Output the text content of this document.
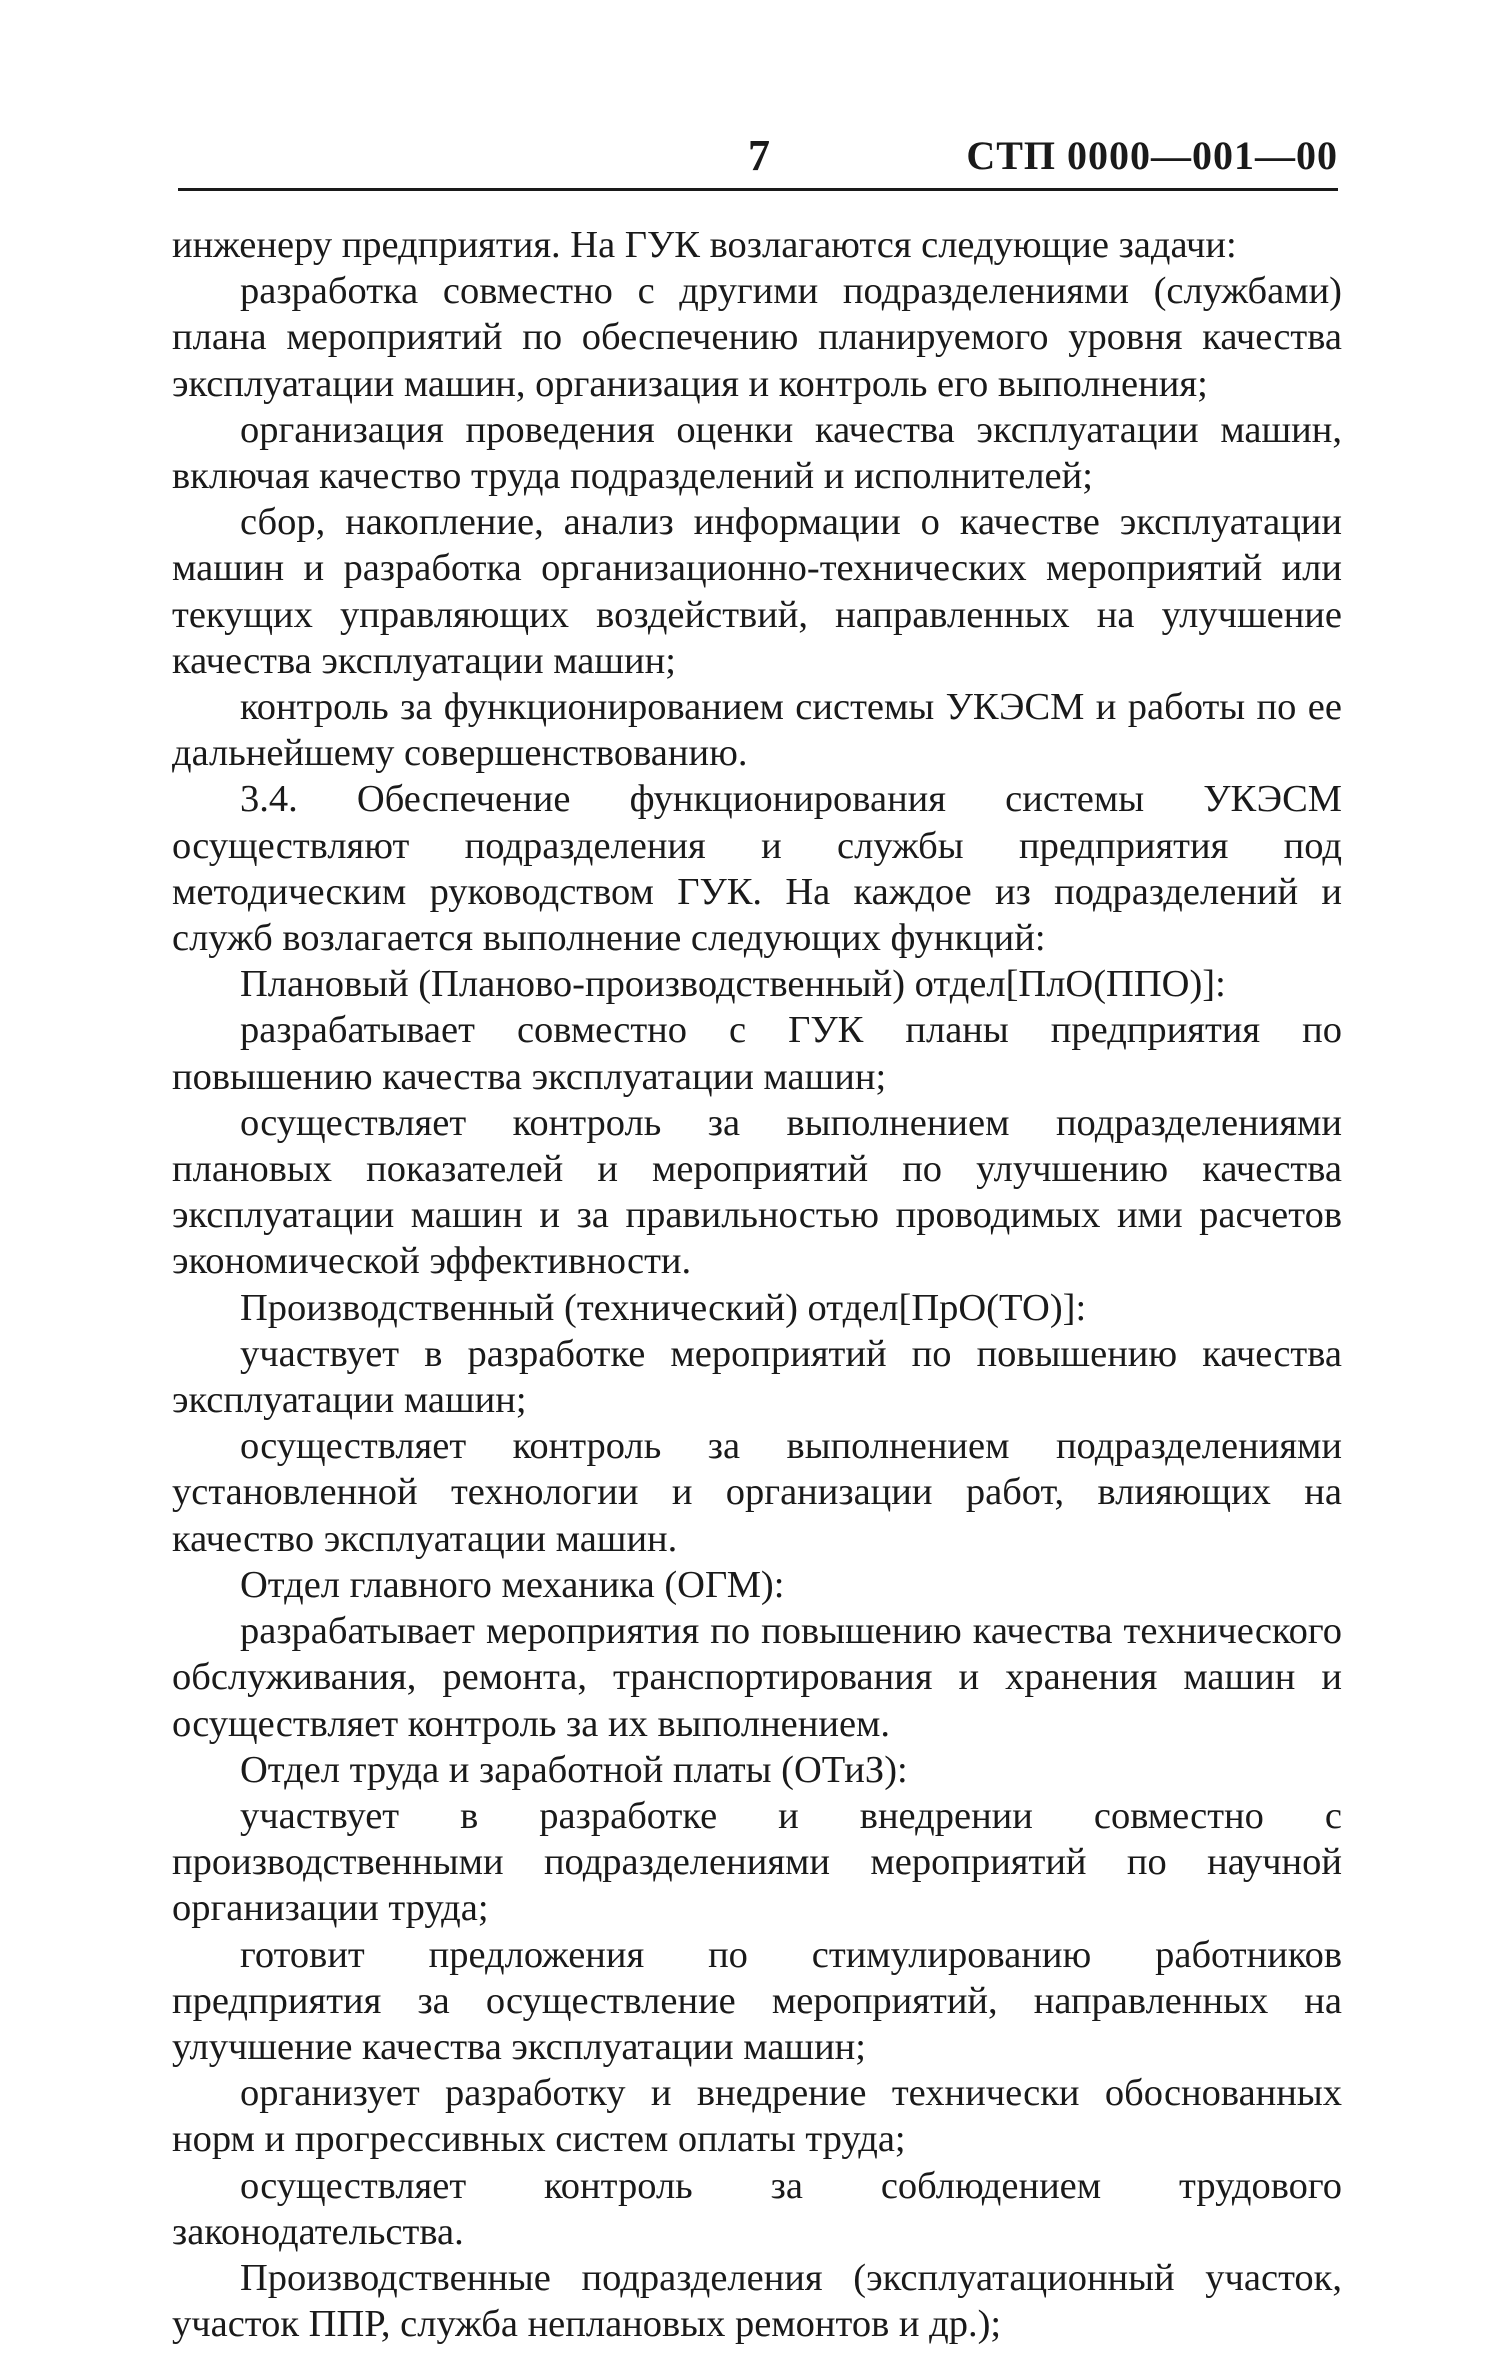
7	СТП 0000—001—00

инженеру предприятия. На ГУК возлагаются следующие задачи:

разработка совместно с другими подразделениями (службами) плана мероприятий по обеспечению планируемого уровня качества эксплуатации машин, организация и контроль его выполнения;

организация проведения оценки качества эксплуатации машин, включая качество труда подразделений и исполнителей;

сбор, накопление, анализ информации о качестве эксплуатации машин и разработка организационно-технических мероприятий или текущих управляющих воздействий, направленных на улучшение качества эксплуатации машин;

контроль за функционированием системы УКЭСМ и работы по ее дальнейшему совершенствованию.

3.4. Обеспечение функционирования системы УКЭСМ осуществляют подразделения и службы предприятия под методическим руководством ГУК. На каждое из подразделений и служб возлагается выполнение следующих функций:

Плановый (Планово-производственный) отдел[ПлО(ППО)]:

разрабатывает совместно с ГУК планы предприятия по повышению качества эксплуатации машин;

осуществляет контроль за выполнением подразделениями плановых показателей и мероприятий по улучшению качества эксплуатации машин и за правильностью проводимых ими расчетов экономической эффективности.

Производственный (технический) отдел[ПрО(ТО)]:

участвует в разработке мероприятий по повышению качества эксплуатации машин;

осуществляет контроль за выполнением подразделениями установленной технологии и организации работ, влияющих на качество эксплуатации машин.

Отдел главного механика (ОГМ):

разрабатывает мероприятия по повышению качества технического обслуживания, ремонта, транспортирования и хранения машин и осуществляет контроль за их выполнением.

Отдел труда и заработной платы (ОТиЗ):

участвует в разработке и внедрении совместно с производственными подразделениями мероприятий по научной организации труда;

готовит предложения по стимулированию работников предприятия за осуществление мероприятий, направленных на улучшение качества эксплуатации машин;

организует разработку и внедрение технически обоснованных норм и прогрессивных систем оплаты труда;

осуществляет контроль за соблюдением трудового законодательства.

Производственные подразделения (эксплуатационный участок, участок ППР, служба неплановых ремонтов и др.);
